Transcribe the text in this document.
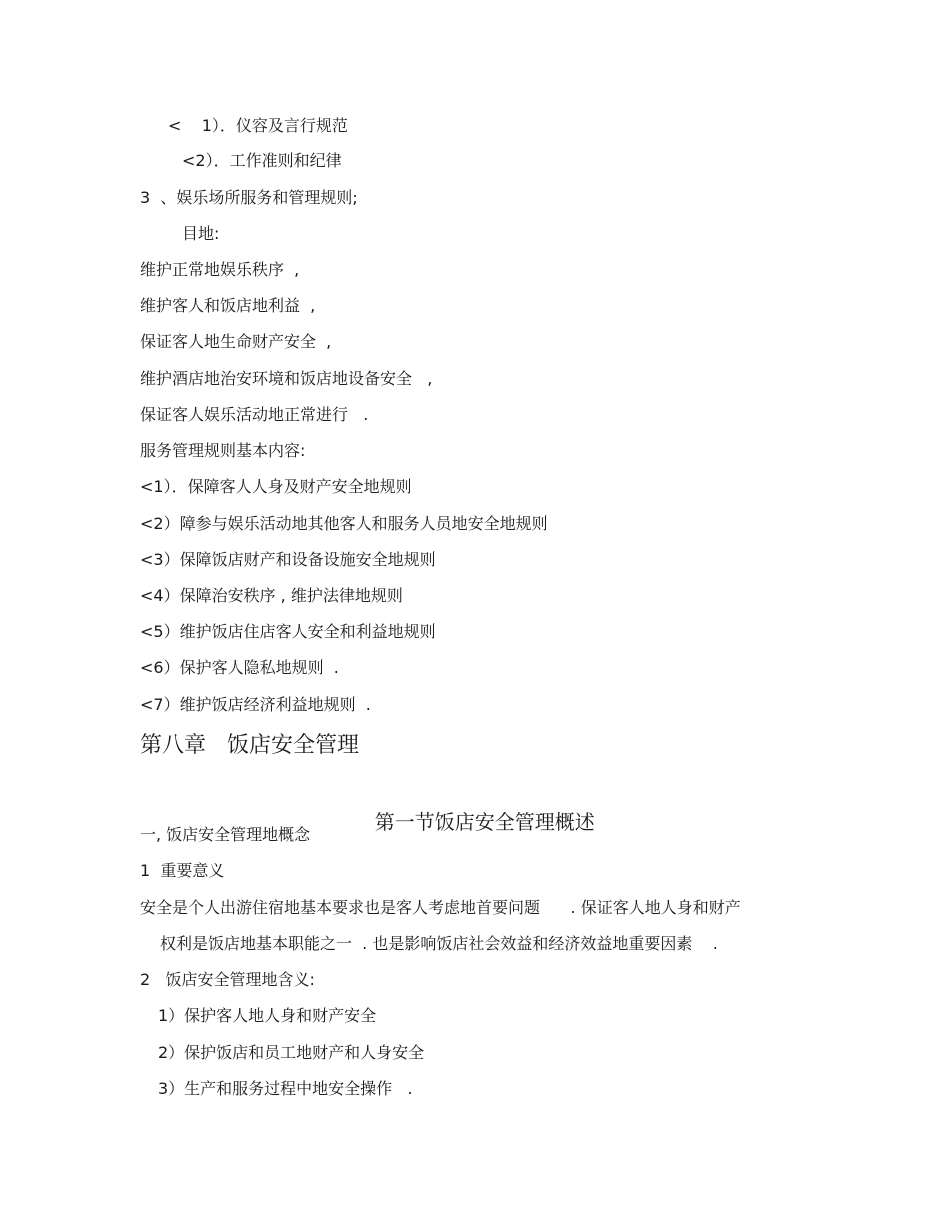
<    1）．仪容及言行规范
<2）．工作准则和纪律
3  、娱乐场所服务和管理规则;
目地:
维护正常地娱乐秩序  ,
维护客人和饭店地利益  ,
保证客人地生命财产安全  ,
维护酒店地治安环境和饭店地设备安全   ,
保证客人娱乐活动地正常进行   .
服务管理规则基本内容:
<1）．保障客人人身及财产安全地规则
<2）障参与娱乐活动地其他客人和服务人员地安全地规则
<3）保障饭店财产和设备设施安全地规则
<4）保障治安秩序 , 维护法律地规则
<5）维护饭店住店客人安全和利益地规则
<6）保护客人隐私地规则  .
<7）维护饭店经济利益地规则  .
第八章   饭店安全管理

第一节饭店安全管理概述

一, 饭店安全管理地概念
1  重要意义
安全是个人出游住宿地基本要求也是客人考虑地首要问题      . 保证客人地人身和财产
权利是饭店地基本职能之一  . 也是影响饭店社会效益和经济效益地重要因素    .
2   饭店安全管理地含义:
1）保护客人地人身和财产安全
2）保护饭店和员工地财产和人身安全
3）生产和服务过程中地安全操作   .
